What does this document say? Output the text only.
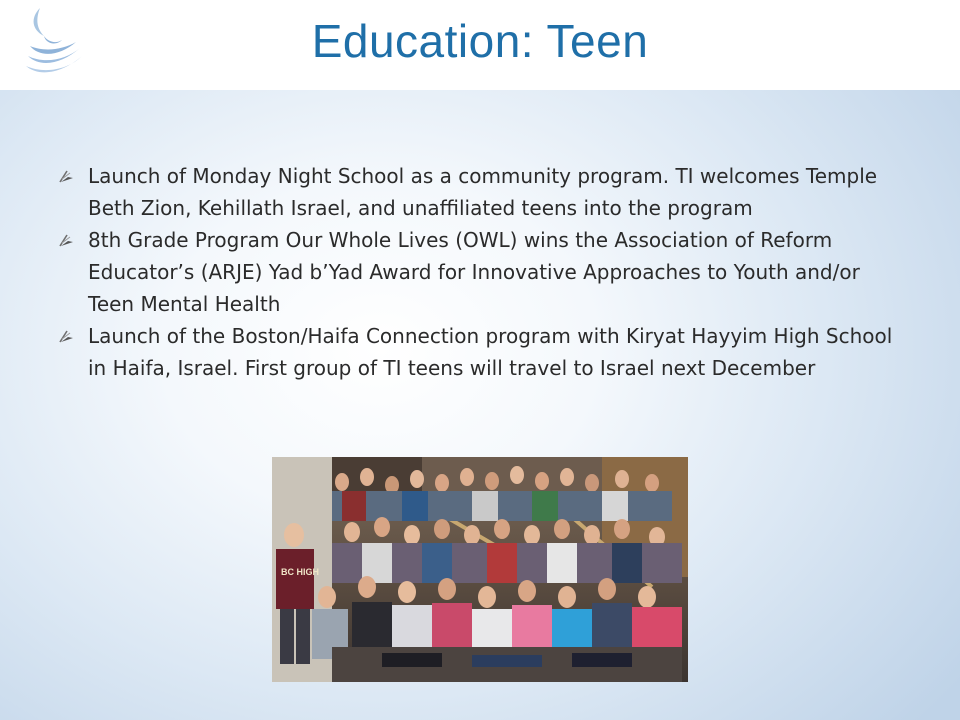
Education: Teen
Launch of Monday Night School as a community program. TI welcomes Temple Beth Zion, Kehillath Israel, and unaffiliated teens into the program
8th Grade Program Our Whole Lives (OWL) wins the Association of Reform Educator’s (ARJE) Yad b’Yad Award for Innovative Approaches to Youth and/or Teen Mental Health
Launch of the Boston/Haifa Connection program with Kiryat Hayyim High School in Haifa, Israel. First group of TI teens will travel to Israel next December
BC HIGH
